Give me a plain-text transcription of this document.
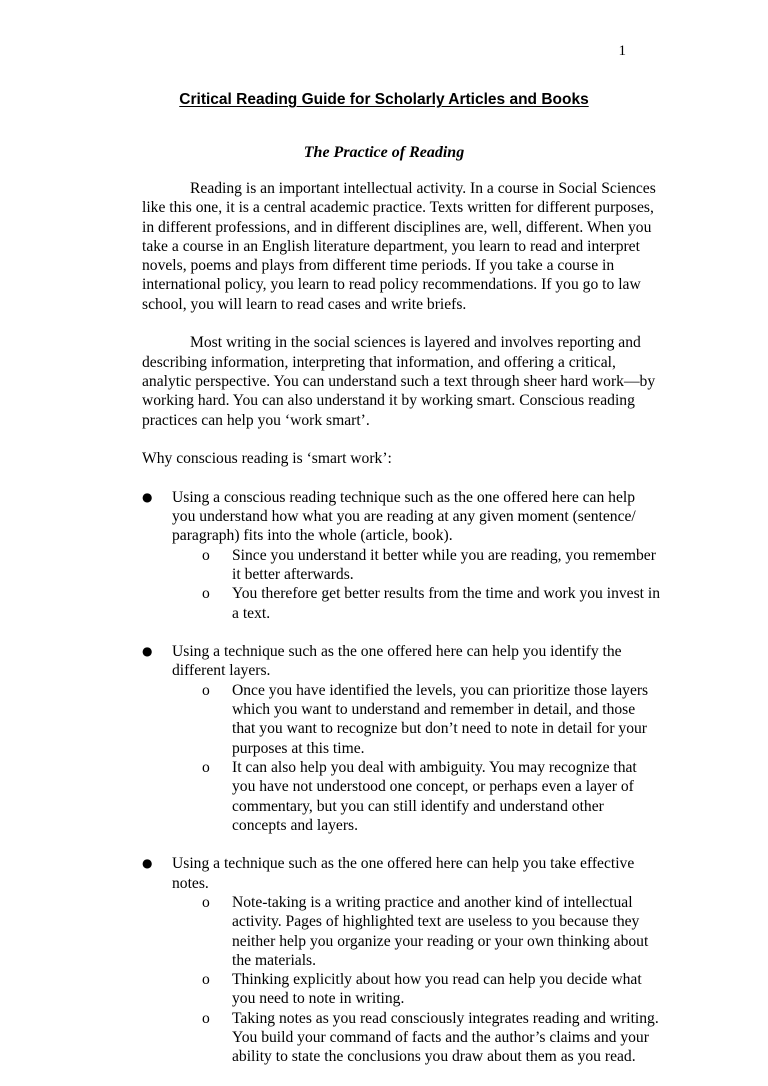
1
Critical Reading Guide for Scholarly Articles and Books
The Practice of Reading

Reading is an important intellectual activity. In a course in Social Sciences like this one, it is a central academic practice. Texts written for different purposes, in different professions, and in different disciplines are, well, different. When you take a course in an English literature department, you learn to read and interpret novels, poems and plays from different time periods. If you take a course in international policy, you learn to read policy recommendations. If you go to law school, you will learn to read cases and write briefs.

Most writing in the social sciences is layered and involves reporting and describing information, interpreting that information, and offering a critical, analytic perspective. You can understand such a text through sheer hard work—by working hard. You can also understand it by working smart. Conscious reading practices can help you ‘work smart’.

Why conscious reading is ‘smart work’:

● Using a conscious reading technique such as the one offered here can help you understand how what you are reading at any given moment (sentence/ paragraph) fits into the whole (article, book).
o Since you understand it better while you are reading, you remember it better afterwards.
o You therefore get better results from the time and work you invest in a text.
● Using a technique such as the one offered here can help you identify the different layers.
o Once you have identified the levels, you can prioritize those layers which you want to understand and remember in detail, and those that you want to recognize but don’t need to note in detail for your purposes at this time.
o It can also help you deal with ambiguity. You may recognize that you have not understood one concept, or perhaps even a layer of commentary, but you can still identify and understand other concepts and layers.
● Using a technique such as the one offered here can help you take effective notes.
o Note-taking is a writing practice and another kind of intellectual activity. Pages of highlighted text are useless to you because they neither help you organize your reading or your own thinking about the materials.
o Thinking explicitly about how you read can help you decide what you need to note in writing.
o Taking notes as you read consciously integrates reading and writing. You build your command of facts and the author’s claims and your ability to state the conclusions you draw about them as you read.
